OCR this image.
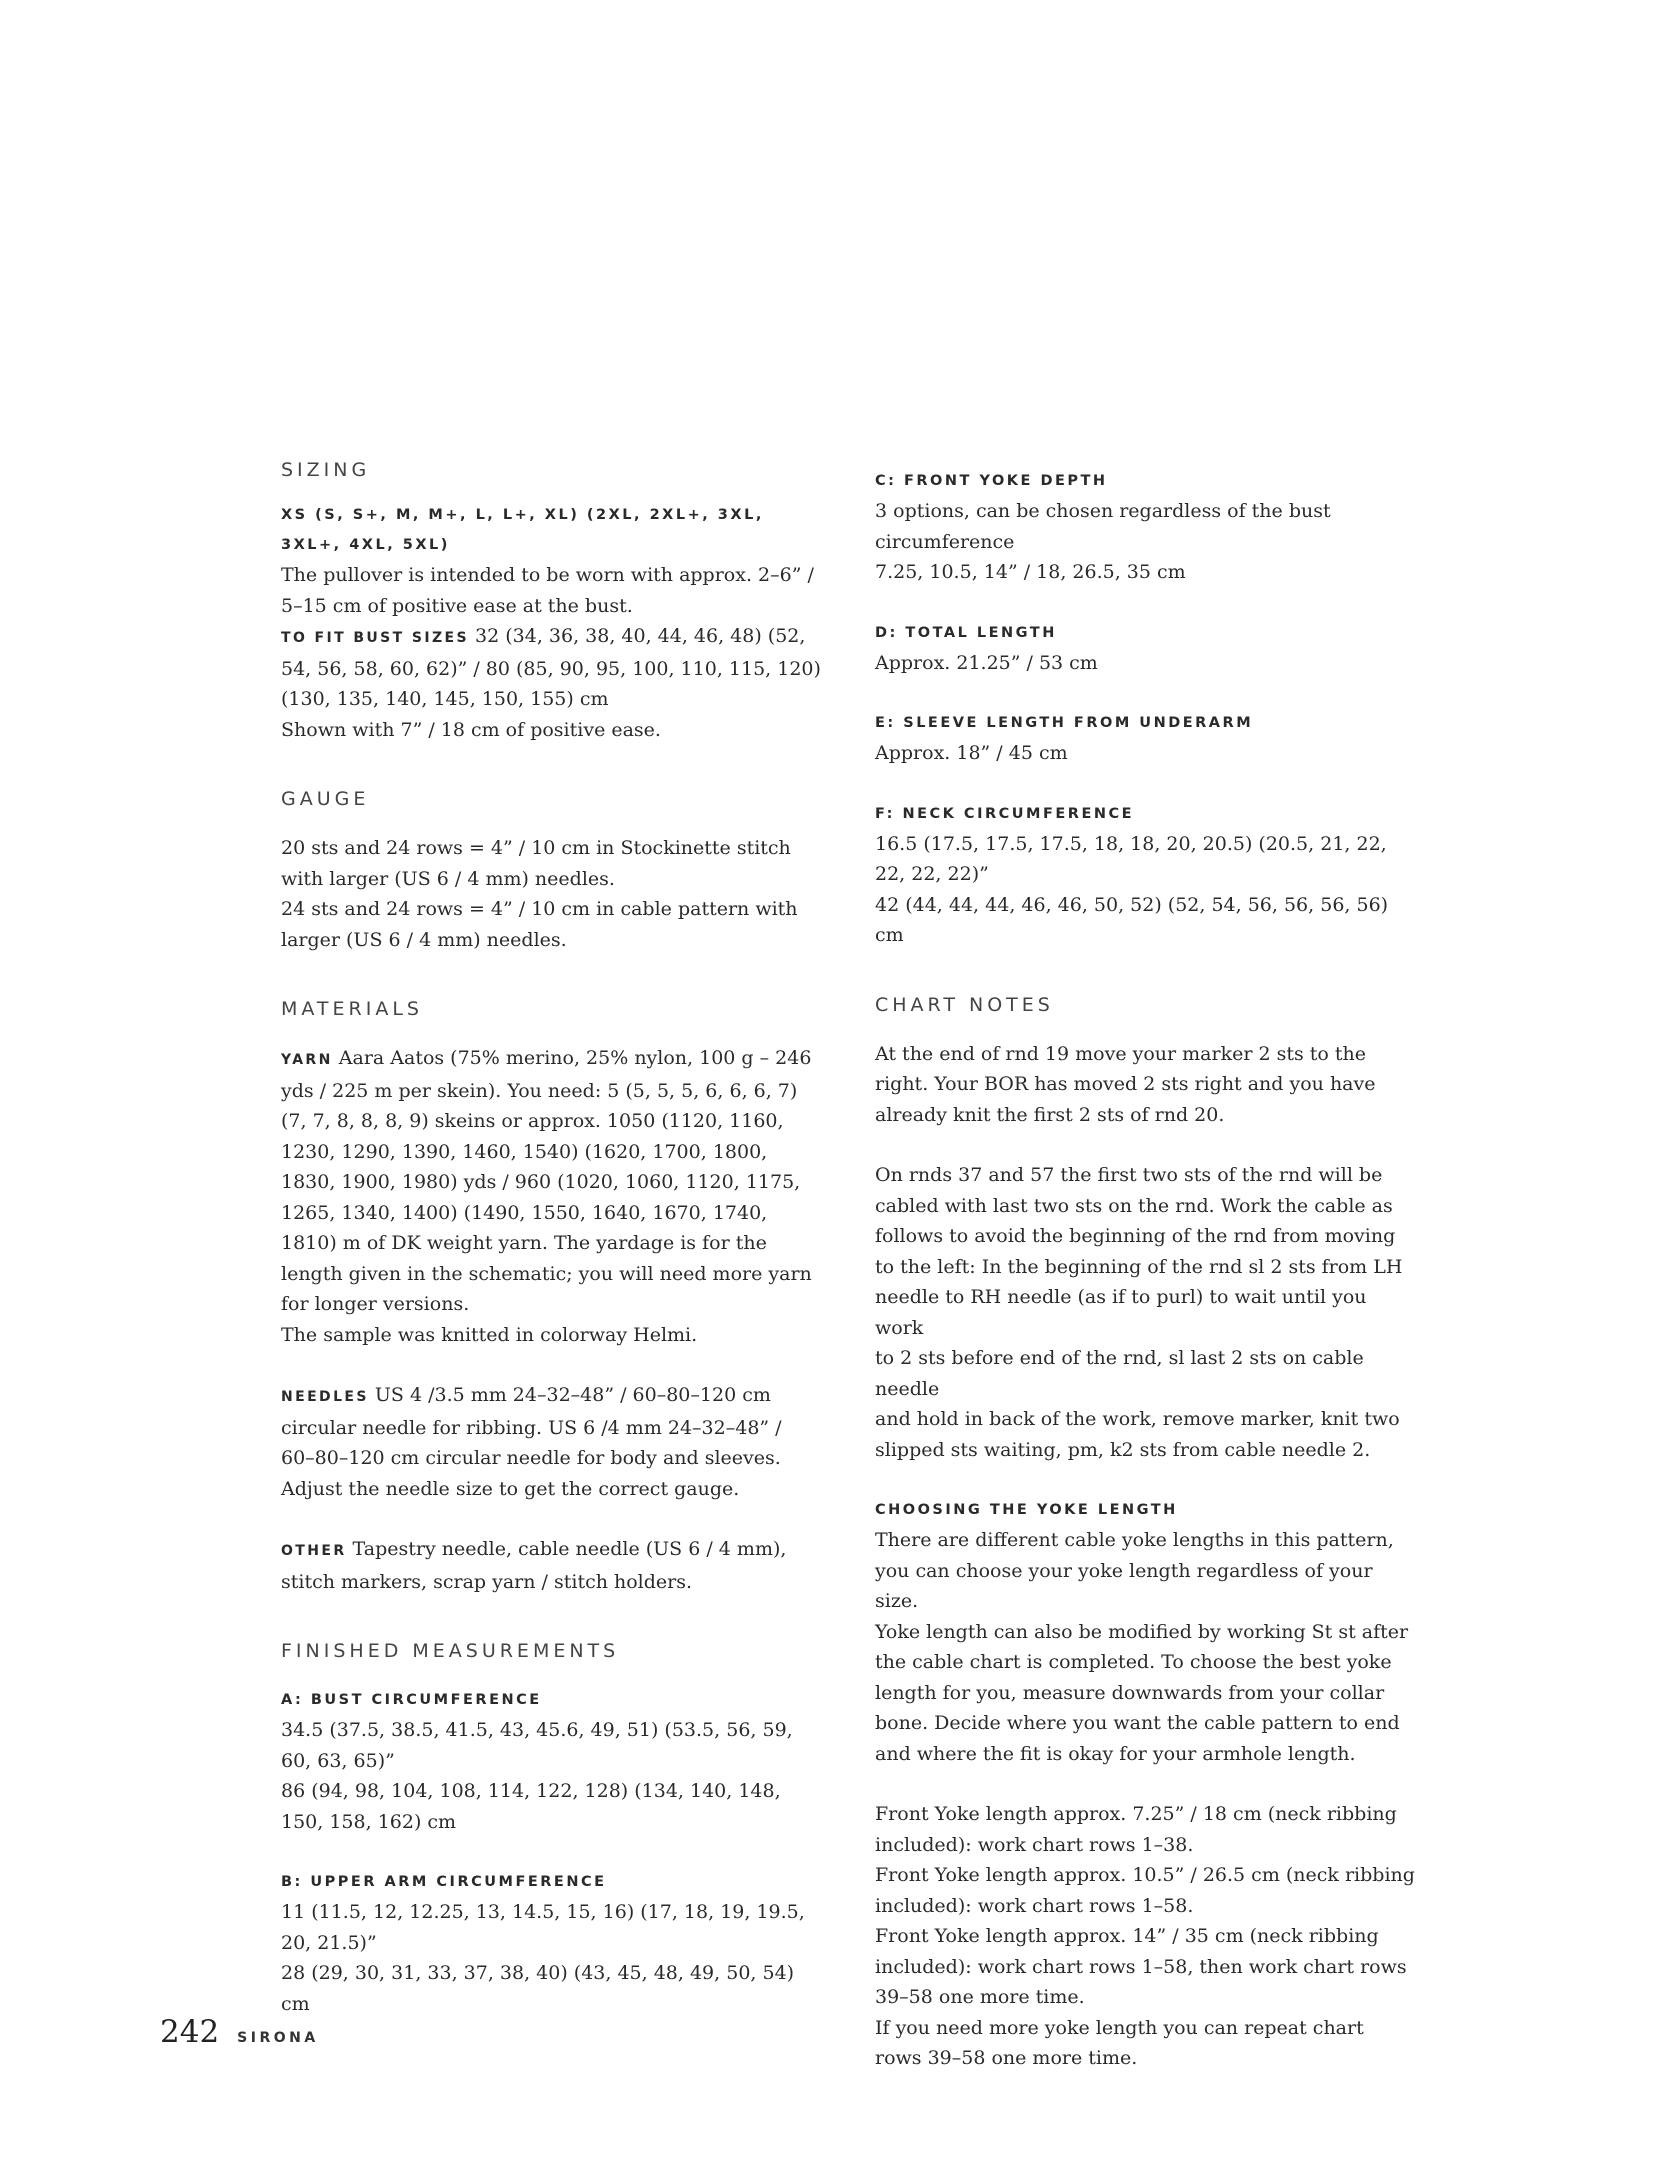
SIZING
XS (S, S+, M, M+, L, L+, XL) (2XL, 2XL+, 3XL, 3XL+, 4XL, 5XL)

The pullover is intended to be worn with approx. 2–6” /
5–15 cm of positive ease at the bust.

TO FIT BUST SIZES 32 (34, 36, 38, 40, 44, 46, 48) (52, 54, 56, 58, 60, 62)” / 80 (85, 90, 95, 100, 110, 115, 120) (130, 135, 140, 145, 150, 155) cm

Shown with 7” / 18 cm of positive ease.

GAUGE

20 sts and 24 rows = 4” / 10 cm in Stockinette stitch
with larger (US 6 / 4 mm) needles.
24 sts and 24 rows = 4” / 10 cm in cable pattern with
larger (US 6 / 4 mm) needles.

MATERIALS

YARN Aara Aatos (75% merino, 25% nylon, 100 g – 246 yds / 225 m per skein). You need: 5 (5, 5, 5, 6, 6, 6, 7) (7, 7, 8, 8, 8, 9) skeins or approx. 1050 (1120, 1160, 1230, 1290, 1390, 1460, 1540) (1620, 1700, 1800, 1830, 1900, 1980) yds / 960 (1020, 1060, 1120, 1175, 1265, 1340, 1400) (1490, 1550, 1640, 1670, 1740, 1810) m of DK weight yarn. The yardage is for the length given in the schematic; you will need more yarn for longer versions.

The sample was knitted in colorway Helmi.

NEEDLES US 4 /3.5 mm 24–32–48” / 60–80–120 cm circular needle for ribbing. US 6 /4 mm 24–32–48” / 60–80–120 cm circular needle for body and sleeves. Adjust the needle size to get the correct gauge.

OTHER Tapestry needle, cable needle (US 6 / 4 mm), stitch markers, scrap yarn / stitch holders.

FINISHED MEASUREMENTS
A: BUST CIRCUMFERENCE

34.5 (37.5, 38.5, 41.5, 43, 45.6, 49, 51) (53.5, 56, 59, 60, 63, 65)”
86 (94, 98, 104, 108, 114, 122, 128) (134, 140, 148, 150, 158, 162) cm

B: UPPER ARM CIRCUMFERENCE

11 (11.5, 12, 12.25, 13, 14.5, 15, 16) (17, 18, 19, 19.5, 20, 21.5)”
28 (29, 30, 31, 33, 37, 38, 40) (43, 45, 48, 49, 50, 54) cm

C: FRONT YOKE DEPTH

3 options, can be chosen regardless of the bust
circumference
7.25, 10.5, 14” / 18, 26.5, 35 cm

D: TOTAL LENGTH

Approx. 21.25” / 53 cm

E: SLEEVE LENGTH FROM UNDERARM

Approx. 18” / 45 cm

F: NECK CIRCUMFERENCE

16.5 (17.5, 17.5, 17.5, 18, 18, 20, 20.5) (20.5, 21, 22, 22, 22, 22)”
42 (44, 44, 44, 46, 46, 50, 52) (52, 54, 56, 56, 56, 56) cm

CHART NOTES

At the end of rnd 19 move your marker 2 sts to the
right. Your BOR has moved 2 sts right and you have
already knit the first 2 sts of rnd 20.

On rnds 37 and 57 the first two sts of the rnd will be
cabled with last two sts on the rnd. Work the cable as
follows to avoid the beginning of the rnd from moving
to the left: In the beginning of the rnd sl 2 sts from LH
needle to RH needle (as if to purl) to wait until you work
to 2 sts before end of the rnd, sl last 2 sts on cable needle
and hold in back of the work, remove marker, knit two
slipped sts waiting, pm, k2 sts from cable needle 2.

CHOOSING THE YOKE LENGTH

There are different cable yoke lengths in this pattern,
you can choose your yoke length regardless of your size.
Yoke length can also be modified by working St st after
the cable chart is completed. To choose the best yoke
length for you, measure downwards from your collar
bone. Decide where you want the cable pattern to end
and where the fit is okay for your armhole length.

Front Yoke length approx. 7.25” / 18 cm (neck ribbing
included): work chart rows 1–38.
Front Yoke length approx. 10.5” / 26.5 cm (neck ribbing
included): work chart rows 1–58.
Front Yoke length approx. 14” / 35 cm (neck ribbing
included): work chart rows 1–58, then work chart rows
39–58 one more time.
If you need more yoke length you can repeat chart
rows 39–58 one more time.

242 SIRONA
